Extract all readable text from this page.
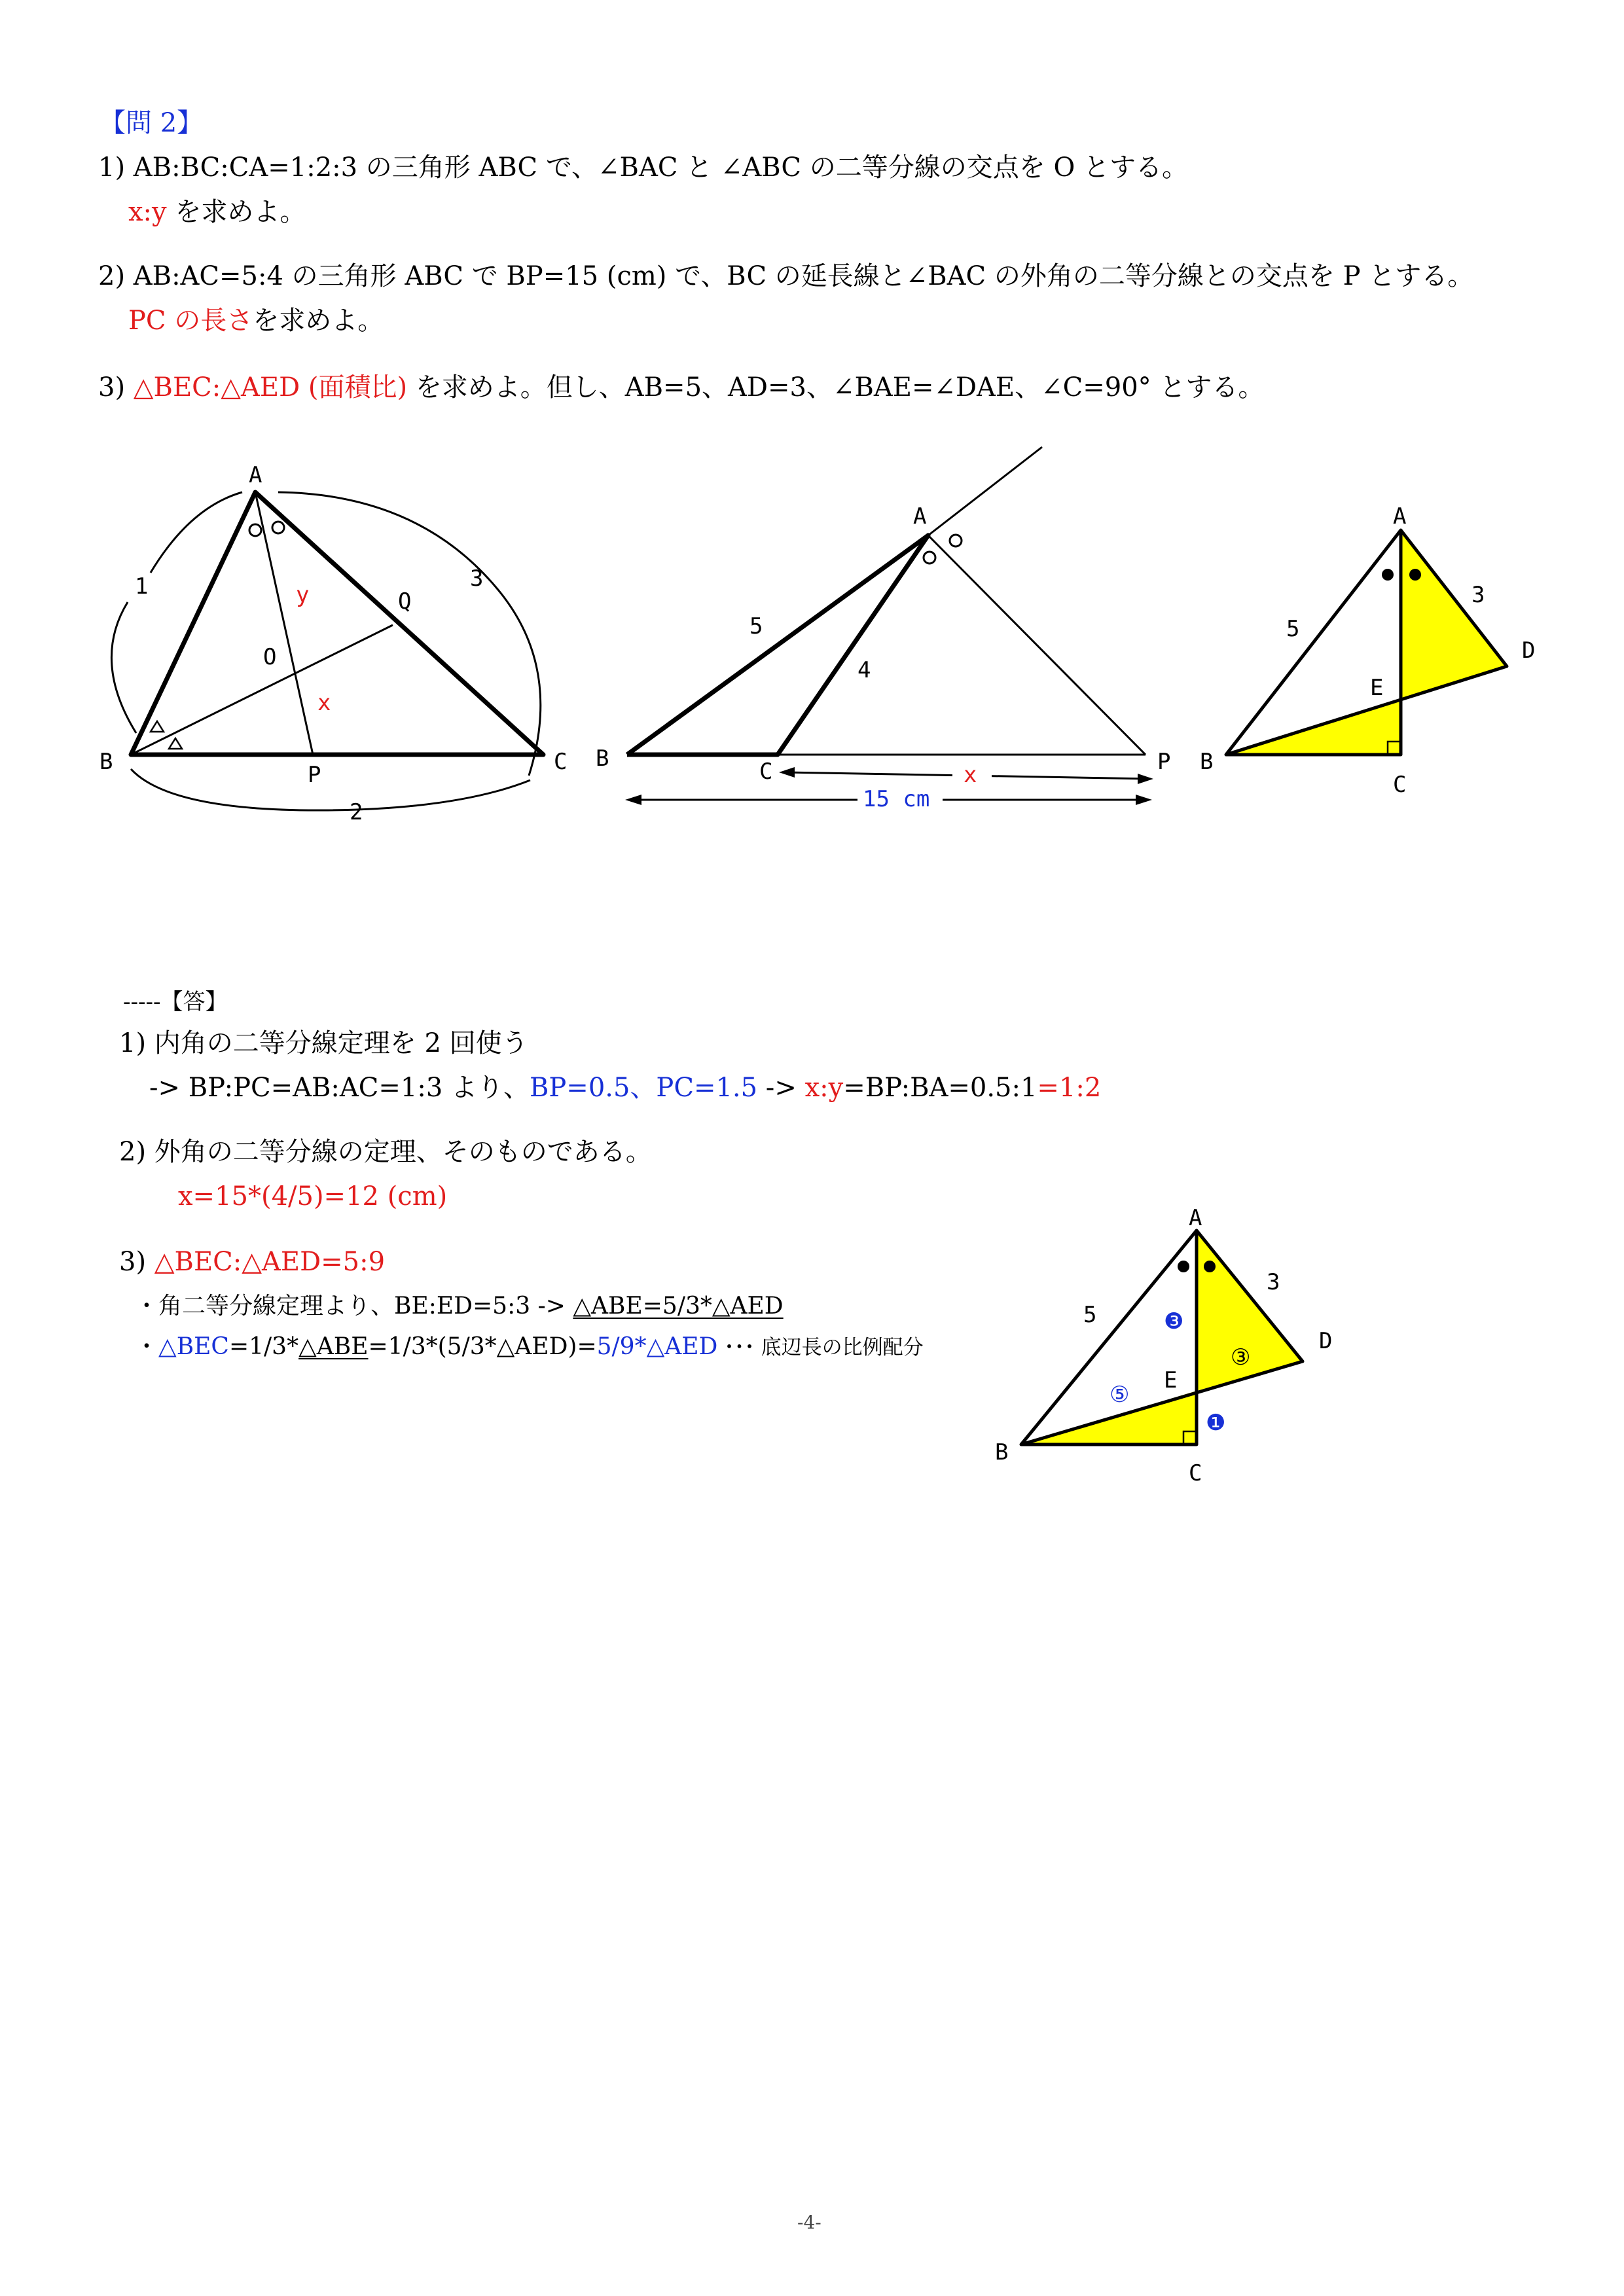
【問 2】
1) AB:BC:CA=1:2:3 の三角形 ABC で、∠BAC と ∠ABC の二等分線の交点を O とする。
x:y を求めよ。
2) AB:AC=5:4 の三角形 ABC で BP=15 (cm) で、BC の延長線と∠BAC の外角の二等分線との交点を P とする。
PC の長さを求めよ。
3) △BEC:△AED (面積比) を求めよ。但し、AB=5、AD=3、∠BAE=∠DAE、∠C=90° とする。
A
B	C
O
P
Q
1	3
2
y
x
A
B	C	P
5
4
x
15 cm
A
B
C
D
E
5
3
A
B
C
D
E
5
3
❸
❶
③
⑤
-----【答】
1) 内角の二等分線定理を 2 回使う
-> BP:PC=AB:AC=1:3 より、BP=0.5、PC=1.5 -> x:y=BP:BA=0.5:1=1:2
2) 外角の二等分線の定理、そのものである。
x=15*(4/5)=12 (cm)
3) △BEC:△AED=5:9
・角二等分線定理より、BE:ED=5:3 -> △ABE=5/3*△AED
・△BEC=1/3*△ABE=1/3*(5/3*△AED)=5/9*△AED ･･･ 底辺長の比例配分
-4-
